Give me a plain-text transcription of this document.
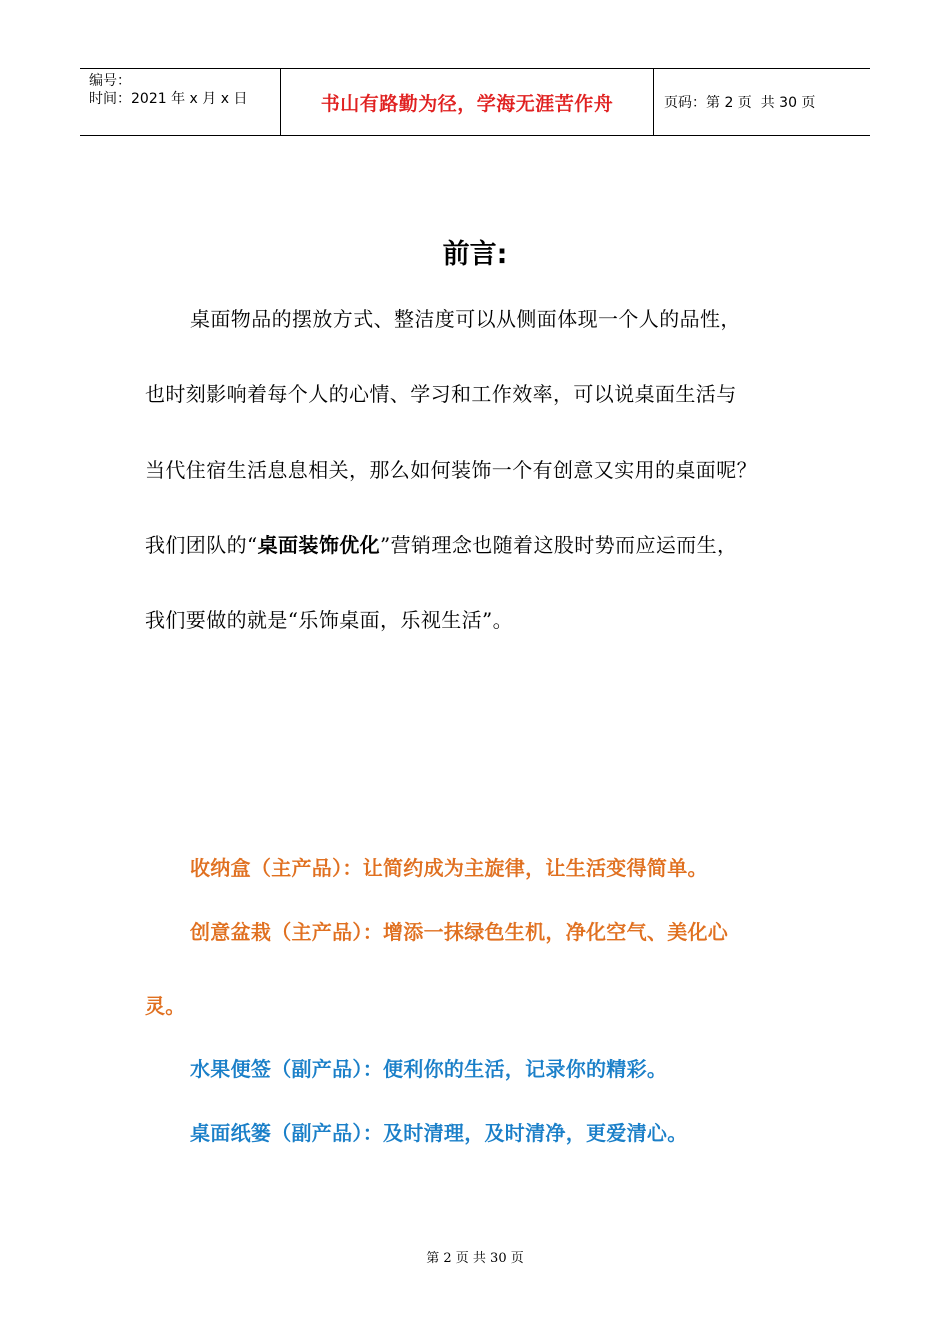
编号：
时间：2021 年 x 月 x 日	书山有路勤为径，学海无涯苦作舟	页码：第 2 页  共 30 页
前言:
桌面物品的摆放方式、整洁度可以从侧面体现一个人的品性，
也时刻影响着每个人的心情、学习和工作效率，可以说桌面生活与
当代住宿生活息息相关，那么如何装饰一个有创意又实用的桌面呢？
我们团队的“桌面装饰优化”营销理念也随着这股时势而应运而生，
我们要做的就是“乐饰桌面，乐视生活”。
收纳盒（主产品）：让简约成为主旋律，让生活变得简单。
创意盆栽（主产品）：增添一抹绿色生机，净化空气、美化心
灵。
水果便签（副产品）：便利你的生活，记录你的精彩。
桌面纸篓（副产品）：及时清理，及时清净，更爱清心。
第 2 页 共 30 页
